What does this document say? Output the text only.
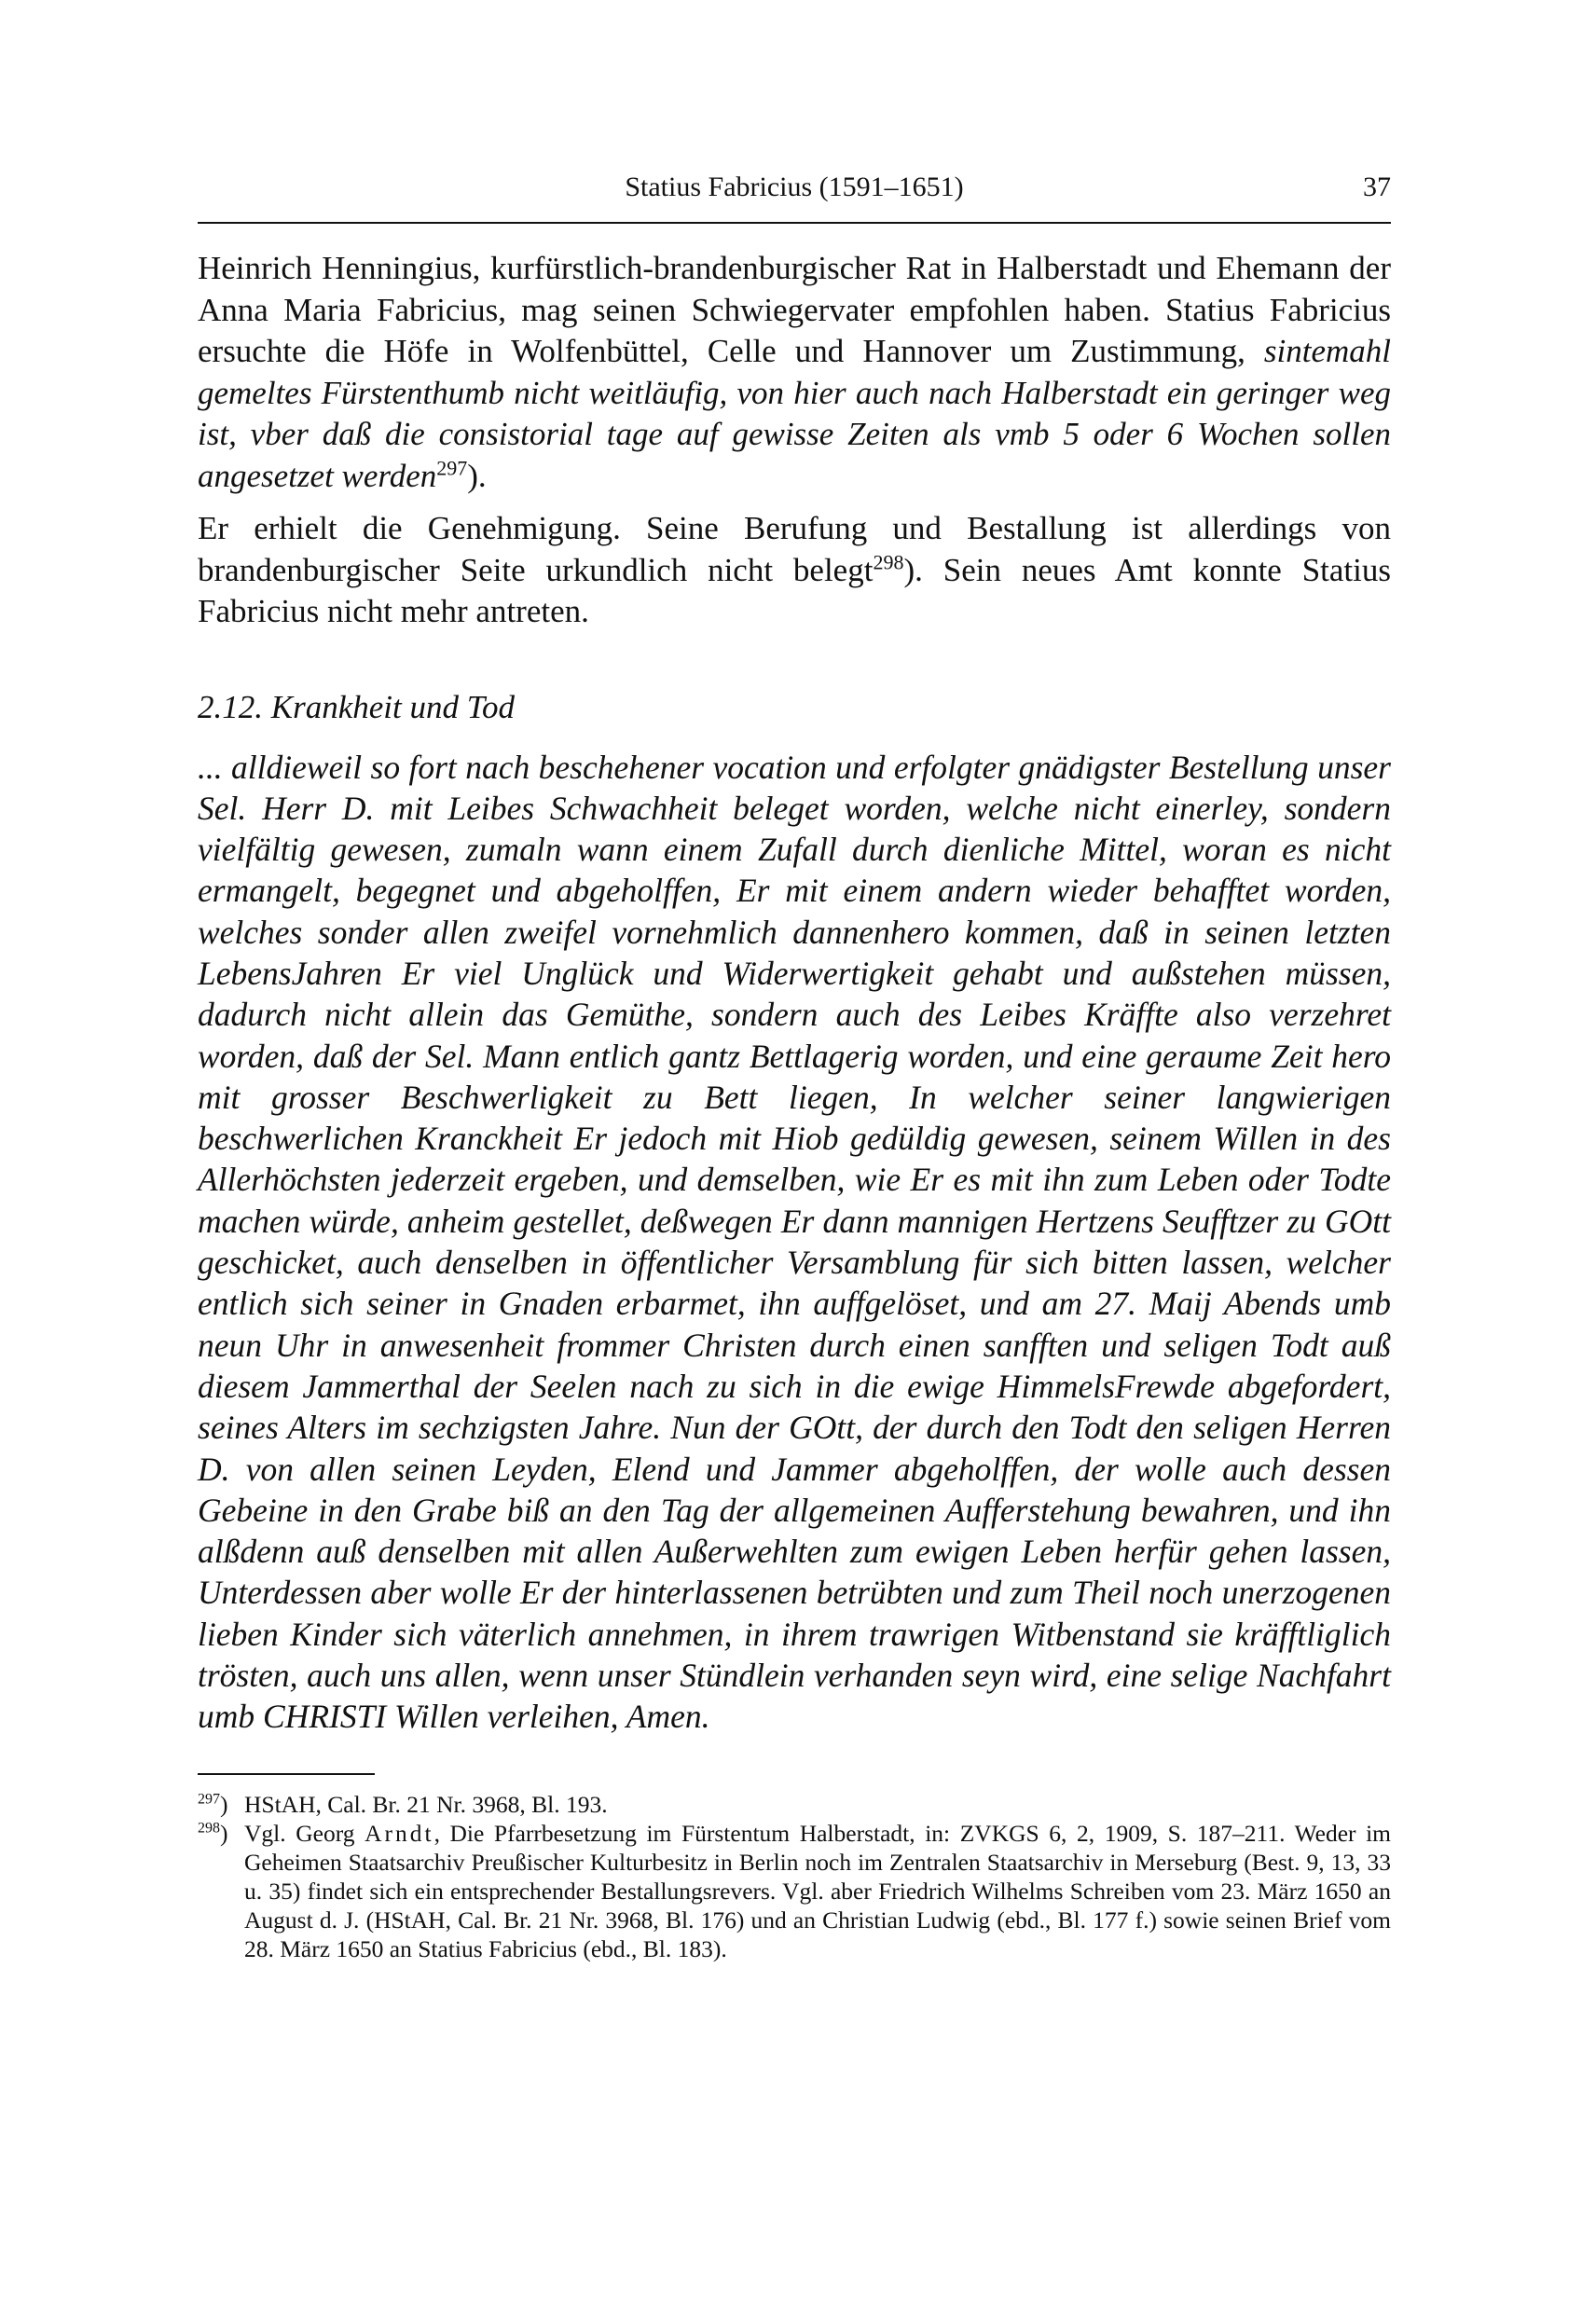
Statius Fabricius (1591–1651)	37

Heinrich Henningius, kurfürstlich-brandenburgischer Rat in Halberstadt und Ehemann der Anna Maria Fabricius, mag seinen Schwiegervater empfohlen haben. Statius Fabricius ersuchte die Höfe in Wolfenbüttel, Celle und Hannover um Zustimmung, sintemahl gemeltes Fürstenthumb nicht weitläufig, von hier auch nach Halberstadt ein geringer weg ist, vber daß die consistorial tage auf gewisse Zeiten als vmb 5 oder 6 Wochen sollen angesetzet werden$^{297}$).

Er erhielt die Genehmigung. Seine Berufung und Bestallung ist allerdings von brandenburgischer Seite urkundlich nicht belegt$^{298}$). Sein neues Amt konnte Statius Fabricius nicht mehr antreten.

2.12. Krankheit und Tod

... alldieweil so fort nach beschehener vocation und erfolgter gnädigster Bestellung unser Sel. Herr D. mit Leibes Schwachheit beleget worden, welche nicht einerley, sondern vielfältig gewesen, zumaln wann einem Zufall durch dienliche Mittel, woran es nicht ermangelt, begegnet und abgeholffen, Er mit einem andern wieder behafftet worden, welches sonder allen zweifel vornehmlich dannenhero kommen, daß in seinen letzten LebensJahren Er viel Unglück und Widerwertigkeit gehabt und außstehen müssen, dadurch nicht allein das Gemüthe, sondern auch des Leibes Kräffte also verzehret worden, daß der Sel. Mann entlich gantz Bettlagerig worden, und eine geraume Zeit hero mit grosser Beschwerligkeit zu Bett liegen, In welcher seiner langwierigen beschwerlichen Kranckheit Er jedoch mit Hiob gedüldig gewesen, seinem Willen in des Allerhöchsten jederzeit ergeben, und demselben, wie Er es mit ihn zum Leben oder Todte machen würde, anheim gestellet, deßwegen Er dann mannigen Hertzens Seufftzer zu GOtt geschicket, auch denselben in öffentlicher Versamblung für sich bitten lassen, welcher entlich sich seiner in Gnaden erbarmet, ihn auffgelöset, und am 27. Maij Abends umb neun Uhr in anwesenheit frommer Christen durch einen sanfften und seligen Todt auß diesem Jammerthal der Seelen nach zu sich in die ewige HimmelsFrewde abgefordert, seines Alters im sechzigsten Jahre. Nun der GOtt, der durch den Todt den seligen Herren D. von allen seinen Leyden, Elend und Jammer abgeholffen, der wolle auch dessen Gebeine in den Grabe biß an den Tag der allgemeinen Aufferstehung bewahren, und ihn alßdenn auß denselben mit allen Außerwehlten zum ewigen Leben herfür gehen lassen, Unterdessen aber wolle Er der hinterlassenen betrübten und zum Theil noch unerzogenen lieben Kinder sich väterlich annehmen, in ihrem trawrigen Witbenstand sie kräfftliglich trösten, auch uns allen, wenn unser Stündlein verhanden seyn wird, eine selige Nachfahrt umb CHRISTI Willen verleihen, Amen.

$^{297}$) HStAH, Cal. Br. 21 Nr. 3968, Bl. 193.

$^{298}$) Vgl. Georg Arndt, Die Pfarrbesetzung im Fürstentum Halberstadt, in: ZVKGS 6, 2, 1909, S. 187–211. Weder im Geheimen Staatsarchiv Preußischer Kulturbesitz in Berlin noch im Zentralen Staatsarchiv in Merseburg (Best. 9, 13, 33 u. 35) findet sich ein entsprechender Bestallungsrevers. Vgl. aber Friedrich Wilhelms Schreiben vom 23. März 1650 an August d. J. (HStAH, Cal. Br. 21 Nr. 3968, Bl. 176) und an Christian Ludwig (ebd., Bl. 177 f.) sowie seinen Brief vom 28. März 1650 an Statius Fabricius (ebd., Bl. 183).
